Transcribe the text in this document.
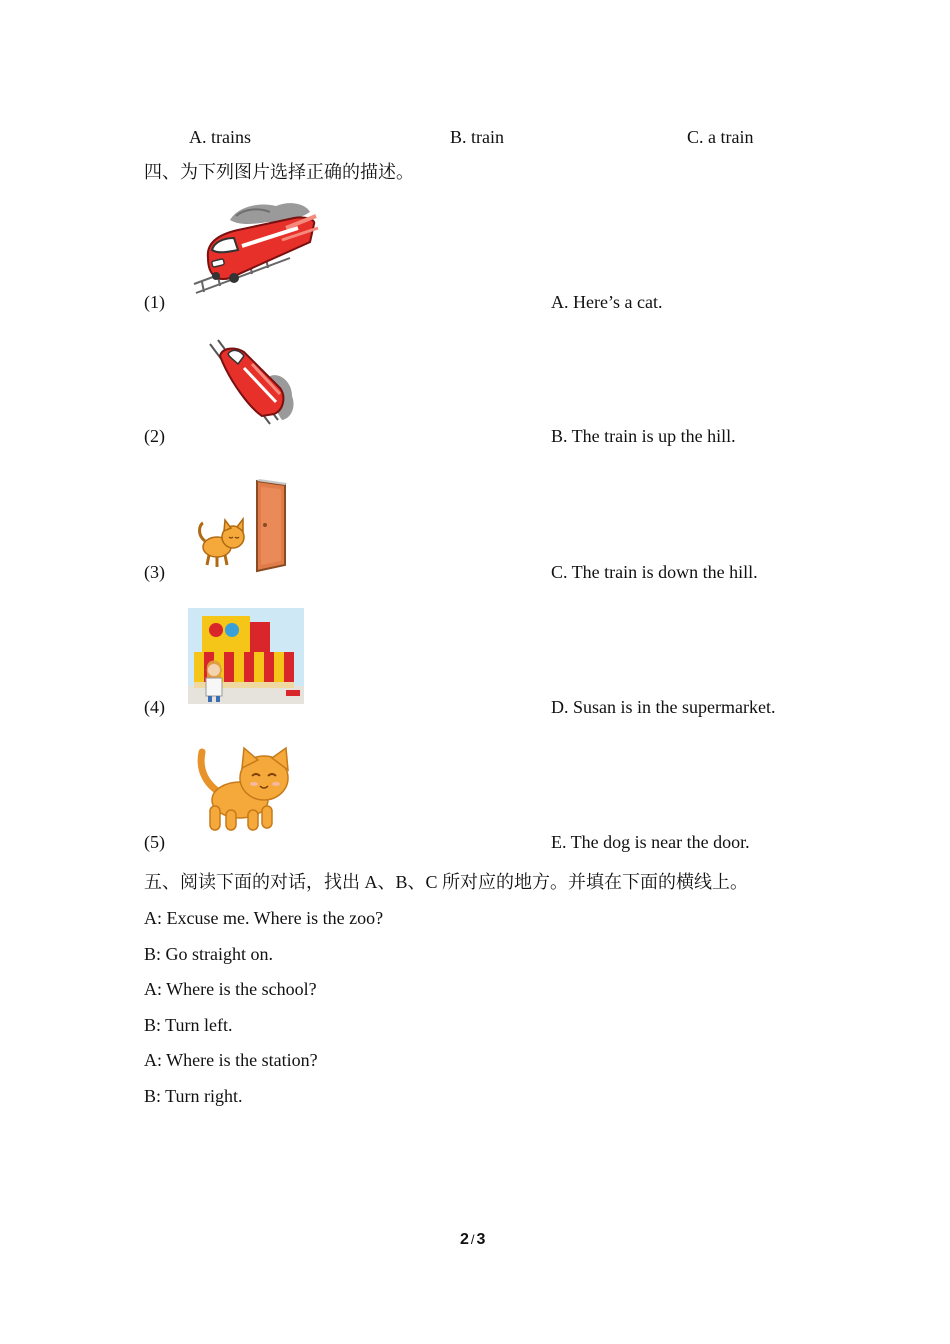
A. trains	B. train	C. a train
四、为下列图片选择正确的描述。
(1)	A. Here’s a cat.
(2)	B. The train is up the hill.
(3)	C. The train is down the hill.
(4)	D. Susan is in the supermarket.
(5)	E. The dog is near the door.
五、阅读下面的对话，找出 A、B、C 所对应的地方。并填在下面的横线上。
A: Excuse me. Where is the zoo?
B: Go straight on.
A: Where is the school?
B: Turn left.
A: Where is the station?
B: Turn right.
2 / 3
